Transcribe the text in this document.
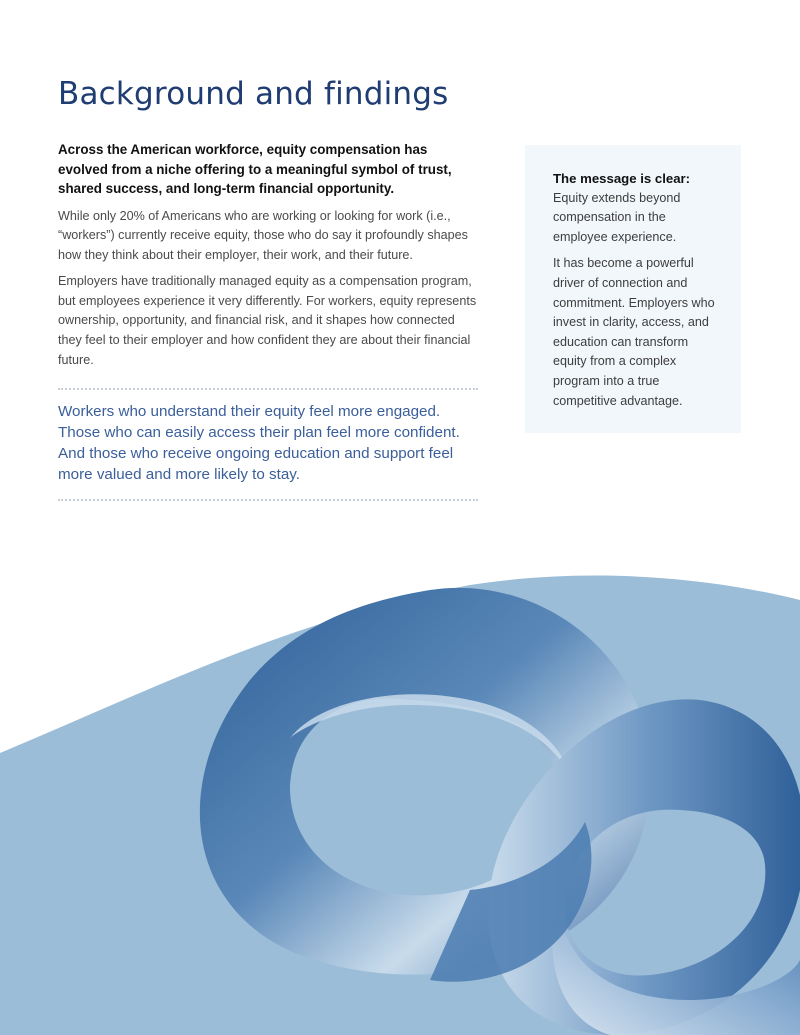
Background and findings

Across the American workforce, equity compensation has evolved from a niche offering to a meaningful symbol of trust, shared success, and long-term financial opportunity.

While only 20% of Americans who are working or looking for work (i.e., “workers”) currently receive equity, those who do say it profoundly shapes how they think about their employer, their work, and their future.

Employers have traditionally managed equity as a compensation program, but employees experience it very differently. For workers, equity represents ownership, opportunity, and financial risk, and it shapes how connected they feel to their employer and how confident they are about their financial future.

Workers who understand their equity feel more engaged. Those who can easily access their plan feel more confident. And those who receive ongoing education and support feel more valued and more likely to stay.

The message is clear:

Equity extends beyond compensation in the employee experience.

It has become a powerful driver of connection and commitment. Employers who invest in clarity, access, and education can transform equity from a complex program into a true competitive advantage.
